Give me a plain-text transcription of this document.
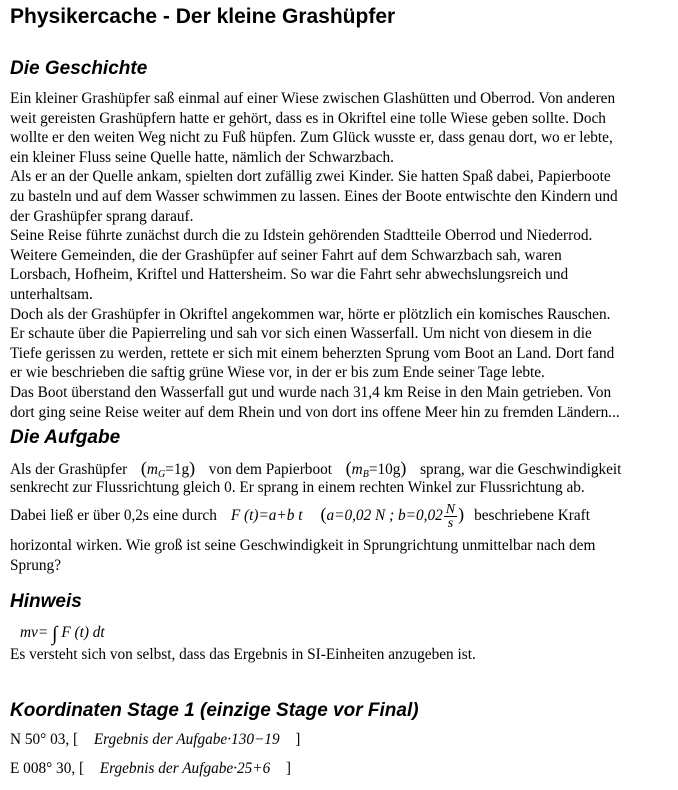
Physikercache - Der kleine Grashüpfer
Die Geschichte
Ein kleiner Grashüpfer saß einmal auf einer Wiese zwischen Glashütten und Oberrod. Von anderen
weit gereisten Grashüpfern hatte er gehört, dass es in Okriftel eine tolle Wiese geben sollte. Doch
wollte er den weiten Weg nicht zu Fuß hüpfen. Zum Glück wusste er, dass genau dort, wo er lebte,
ein kleiner Fluss seine Quelle hatte, nämlich der Schwarzbach.
Als er an der Quelle ankam, spielten dort zufällig zwei Kinder. Sie hatten Spaß dabei, Papierboote
zu basteln und auf dem Wasser schwimmen zu lassen. Eines der Boote entwischte den Kindern und
der Grashüpfer sprang darauf.
Seine Reise führte zunächst durch die zu Idstein gehörenden Stadtteile Oberrod und Niederrod.
Weitere Gemeinden, die der Grashüpfer auf seiner Fahrt auf dem Schwarzbach sah, waren
Lorsbach, Hofheim, Kriftel und Hattersheim. So war die Fahrt sehr abwechslungsreich und
unterhaltsam.
Doch als der Grashüpfer in Okriftel angekommen war, hörte er plötzlich ein komisches Rauschen.
Er schaute über die Papierreling und sah vor sich einen Wasserfall. Um nicht von diesem in die
Tiefe gerissen zu werden, rettete er sich mit einem beherzten Sprung vom Boot an Land. Dort fand
er wie beschrieben die saftig grüne Wiese vor, in der er bis zum Ende seiner Tage lebte.
Das Boot überstand den Wasserfall gut und wurde nach 31,4 km Reise in den Main getrieben. Von
dort ging seine Reise weiter auf dem Rhein und von dort ins offene Meer hin zu fremden Ländern...
Die Aufgabe
Als der Grashüpfer $(m_G=1g)$ von dem Papierboot $(m_B=10g)$ sprang, war die Geschwindigkeit
senkrecht zur Flussrichtung gleich 0. Er sprang in einem rechten Winkel zur Flussrichtung ab.
Dabei ließ er über 0,2s eine durch F (t)=a+b t (a=0,02 N ; $b=0,02 \frac{N}{s}$ ) beschriebene Kraft
horizontal wirken. Wie groß ist seine Geschwindigkeit in Sprungrichtung unmittelbar nach dem
Sprung?
Hinweis
mv= ∫ F (t) dt
Es versteht sich von selbst, dass das Ergebnis in SI-Einheiten anzugeben ist.
Koordinaten Stage 1 (einzige Stage vor Final)
N 50° 03, [ Ergebnis der Aufgabe·130−19 ]
E 008° 30, [ Ergebnis der Aufgabe·25+6 ]
